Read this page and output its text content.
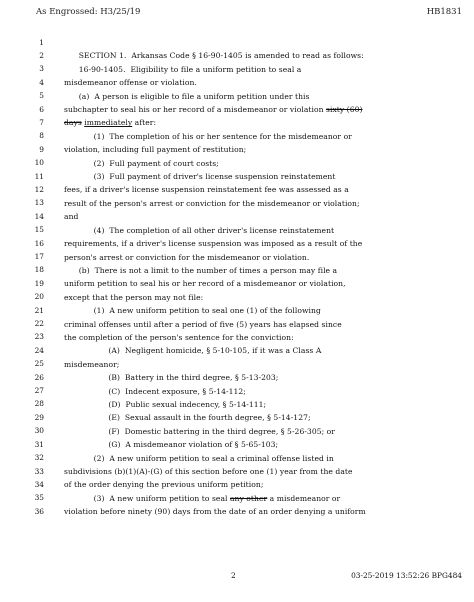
As Engrossed: H3/25/19	HB1831
1
2	SECTION 1.  Arkansas Code § 16-90-1405 is amended to read as follows:
3	16-90-1405.  Eligibility to file a uniform petition to seal a
4	misdemeanor offense or violation.
5	(a)  A person is eligible to file a uniform petition under this
6	subchapter to seal his or her record of a misdemeanor or violation sixty (60)
7	days immediately after:
8	(1)  The completion of his or her sentence for the misdemeanor or
9	violation, including full payment of restitution;
10	(2)  Full payment of court costs;
11	(3)  Full payment of driver's license suspension reinstatement
12	fees, if a driver's license suspension reinstatement fee was assessed as a
13	result of the person's arrest or conviction for the misdemeanor or violation;
14	and
15	(4)  The completion of all other driver's license reinstatement
16	requirements, if a driver's license suspension was imposed as a result of the
17	person's arrest or conviction for the misdemeanor or violation.
18	(b)  There is not a limit to the number of times a person may file a
19	uniform petition to seal his or her record of a misdemeanor or violation,
20	except that the person may not file:
21	(1)  A new uniform petition to seal one (1) of the following
22	criminal offenses until after a period of five (5) years has elapsed since
23	the completion of the person's sentence for the conviction:
24	(A)  Negligent homicide, § 5-10-105, if it was a Class A
25	misdemeanor;
26	(B)  Battery in the third degree, § 5-13-203;
27	(C)  Indecent exposure, § 5-14-112;
28	(D)  Public sexual indecency, § 5-14-111;
29	(E)  Sexual assault in the fourth degree, § 5-14-127;
30	(F)  Domestic battering in the third degree, § 5-26-305; or
31	(G)  A misdemeanor violation of § 5-65-103;
32	(2)  A new uniform petition to seal a criminal offense listed in
33	subdivisions (b)(1)(A)-(G) of this section before one (1) year from the date
34	of the order denying the previous uniform petition;
35	(3)  A new uniform petition to seal any other a misdemeanor or
36	violation before ninety (90) days from the date of an order denying a uniform
2	03-25-2019 13:52:26 BPG484
